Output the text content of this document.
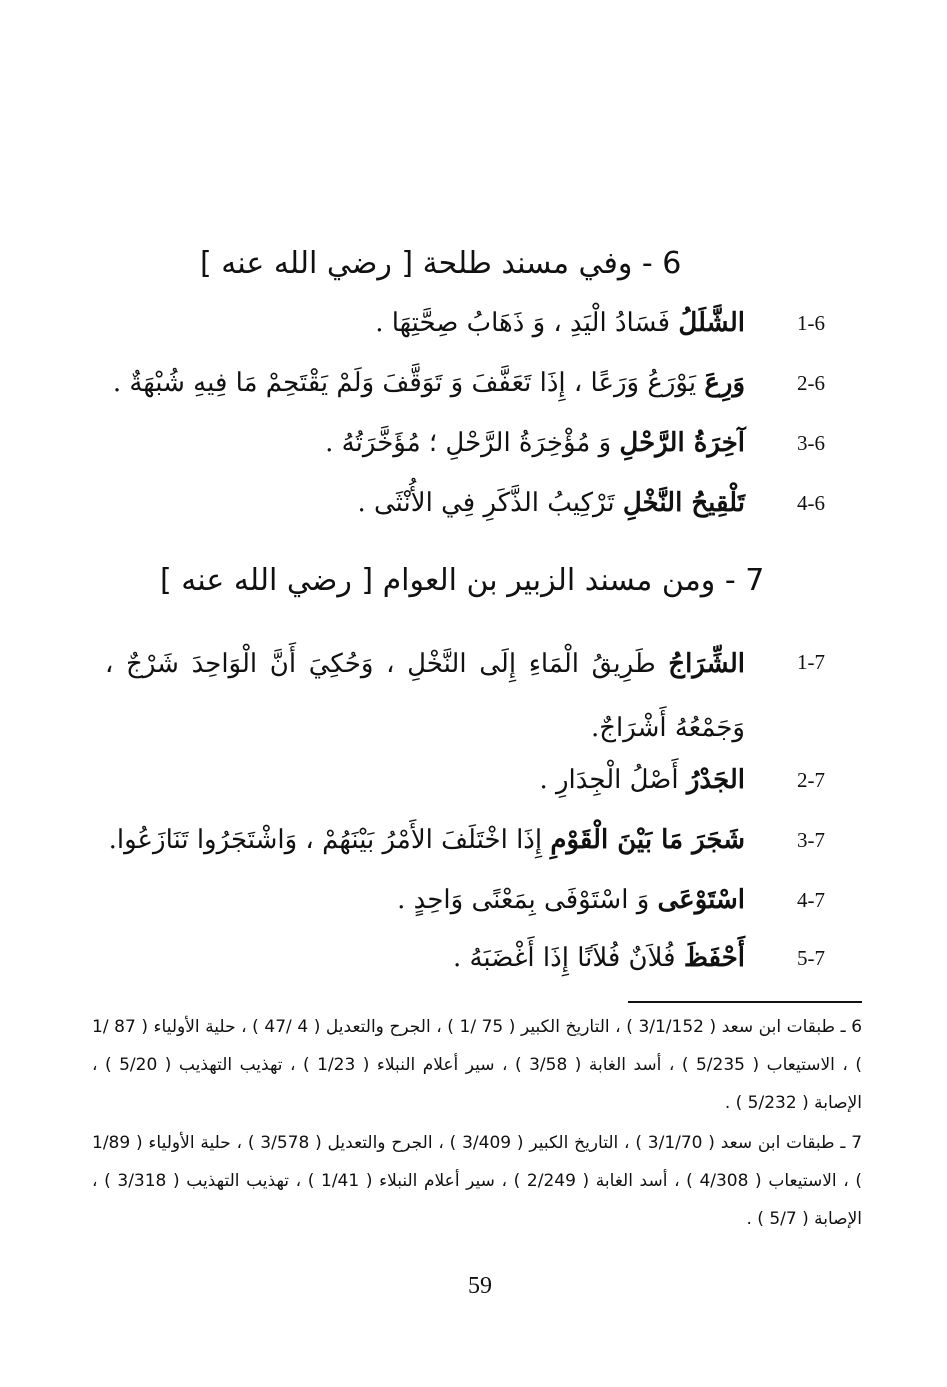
6 - وفي مسند طلحة [ رضي الله عنه ]
1-6
الشَّلَلُ فَسَادُ الْيَدِ ، وَ ذَهَابُ صِحَّتِهَا .
2-6
وَرِعَ يَوْرَعُ وَرَعًا ، إِذَا تَعَفَّفَ وَ تَوَقَّفَ وَلَمْ يَقْتَحِمْ مَا فِيهِ شُبْهَةٌ .
3-6
آخِرَةُ الرَّحْلِ وَ مُؤْخِرَةُ الرَّحْلِ ؛ مُؤَخَّرَتُهُ .
4-6
تَلْقِيحُ النَّخْلِ تَرْكِيبُ الذَّكَرِ فِي الأُنْثَى .
7 - ومن مسند الزبير بن العوام [ رضي الله عنه ]
1-7
الشِّرَاجُ طَرِيقُ الْمَاءِ إِلَى النَّخْلِ ، وَحُكِيَ أَنَّ الْوَاحِدَ شَرْجٌ ، وَجَمْعُهُ أَشْرَاجٌ.
2-7
الجَدْرُ أَصْلُ الْجِدَارِ .
3-7
شَجَرَ مَا بَيْنَ الْقَوْمِ إِذَا اخْتَلَفَ الأَمْرُ بَيْنَهُمْ ، وَاشْتَجَرُوا تَنَازَعُوا.
4-7
اسْتَوْعَى وَ اسْتَوْفَى بِمَعْنًى وَاحِدٍ .
5-7
أَحْفَظَ فُلاَنٌ فُلاَنًا إِذَا أَغْضَبَهُ .
6 ـ طبقات ابن سعد ( 3/1/152 ) ، التاريخ الكبير ( 75 /1 ) ، الجرح والتعديل ( 4 /47 ) ، حلية الأولياء ( 87 /1 ) ، الاستيعاب ( 5/235 ) ، أسد الغابة ( 3/58 ) ، سير أعلام النبلاء ( 1/23 ) ، تهذيب التهذيب ( 5/20 ) ، الإصابة ( 5/232 ) .
7 ـ طبقات ابن سعد ( 3/1/70 ) ، التاريخ الكبير ( 3/409 ) ، الجرح والتعديل ( 3/578 ) ، حلية الأولياء ( 1/89 ) ، الاستيعاب ( 4/308 ) ، أسد الغابة ( 2/249 ) ، سير أعلام النبلاء ( 1/41 ) ، تهذيب التهذيب ( 3/318 ) ، الإصابة ( 5/7 ) .
59
